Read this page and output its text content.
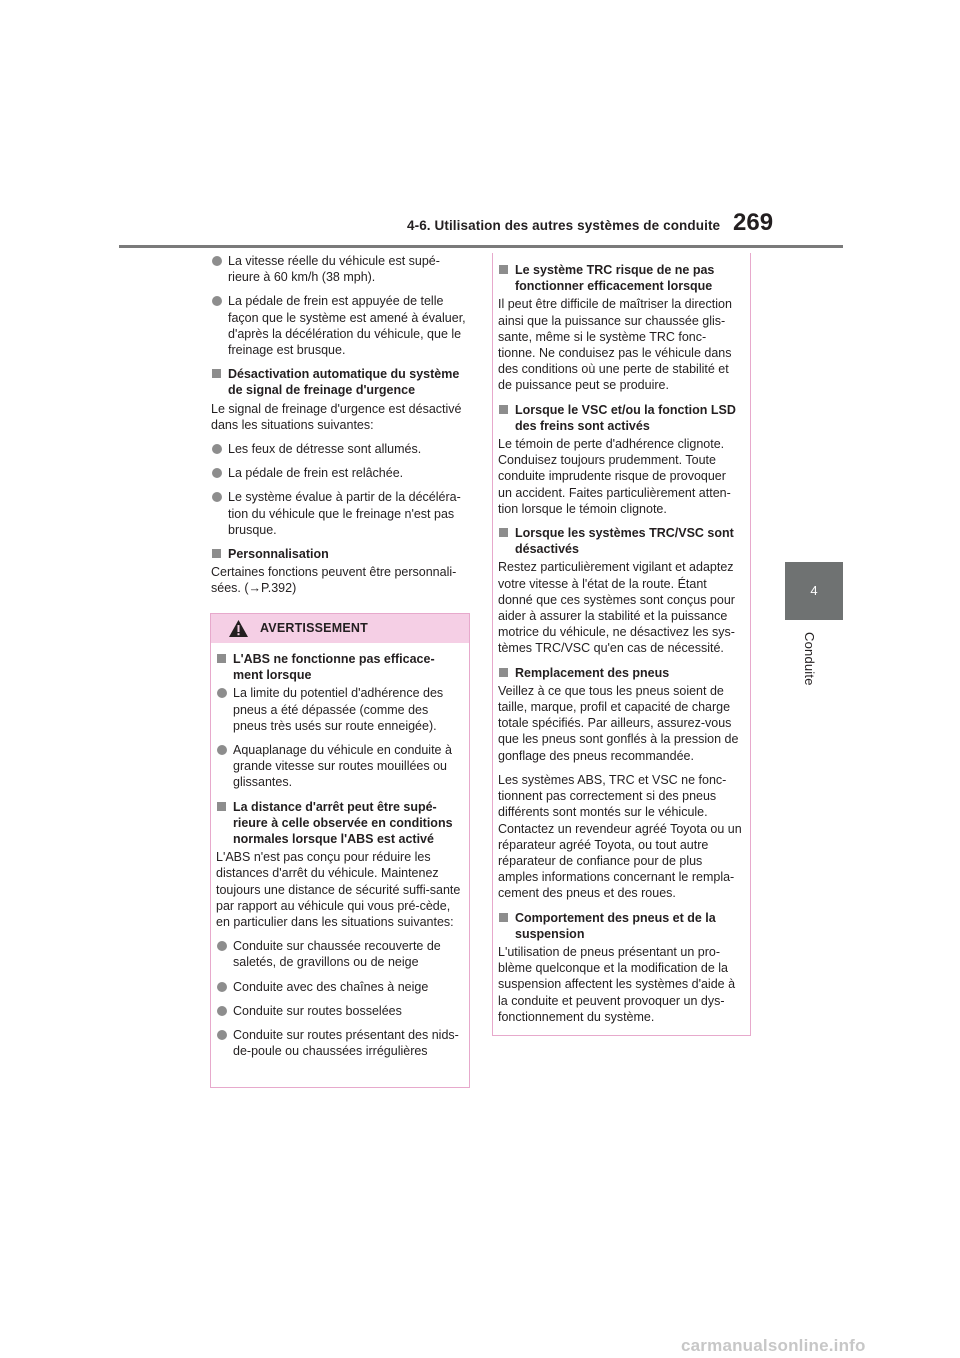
4-6. Utilisation des autres systèmes de conduite 269
4
Conduite

La vitesse réelle du véhicule est supé-rieure à 60 km/h (38 mph).

La pédale de frein est appuyée de telle façon que le système est amené à évaluer, d'après la décélération du véhicule, que le freinage est brusque.

Désactivation automatique du système de signal de freinage d'urgence

Le signal de freinage d'urgence est désactivé dans les situations suivantes:

Les feux de détresse sont allumés.

La pédale de frein est relâchée.

Le système évalue à partir de la décéléra-tion du véhicule que le freinage n'est pas brusque.

Personnalisation

Certaines fonctions peuvent être personnali-sées. (→P.392)

AVERTISSEMENT
L'ABS ne fonctionne pas efficace-ment lorsque

La limite du potentiel d'adhérence des pneus a été dépassée (comme des pneus très usés sur route enneigée).

Aquaplanage du véhicule en conduite à grande vitesse sur routes mouillées ou glissantes.

La distance d'arrêt peut être supé-rieure à celle observée en conditions normales lorsque l'ABS est activé

L'ABS n'est pas conçu pour réduire les distances d'arrêt du véhicule. Maintenez toujours une distance de sécurité suffi-sante par rapport au véhicule qui vous pré-cède, en particulier dans les situations suivantes:

Conduite sur chaussée recouverte de saletés, de gravillons ou de neige

Conduite avec des chaînes à neige

Conduite sur routes bosselées

Conduite sur routes présentant des nids-de-poule ou chaussées irrégulières

Le système TRC risque de ne pas fonctionner efficacement lorsque

Il peut être difficile de maîtriser la direction ainsi que la puissance sur chaussée glis-sante, même si le système TRC fonc-tionne. Ne conduisez pas le véhicule dans des conditions où une perte de stabilité et de puissance peut se produire.

Lorsque le VSC et/ou la fonction LSD des freins sont activés

Le témoin de perte d'adhérence clignote. Conduisez toujours prudemment. Toute conduite imprudente risque de provoquer un accident. Faites particulièrement atten-tion lorsque le témoin clignote.

Lorsque les systèmes TRC/VSC sont désactivés

Restez particulièrement vigilant et adaptez votre vitesse à l'état de la route. Étant donné que ces systèmes sont conçus pour aider à assurer la stabilité et la puissance motrice du véhicule, ne désactivez les sys-tèmes TRC/VSC qu'en cas de nécessité.

Remplacement des pneus

Veillez à ce que tous les pneus soient de taille, marque, profil et capacité de charge totale spécifiés. Par ailleurs, assurez-vous que les pneus sont gonflés à la pression de gonflage des pneus recommandée.

Les systèmes ABS, TRC et VSC ne fonc-tionnent pas correctement si des pneus différents sont montés sur le véhicule. Contactez un revendeur agréé Toyota ou un réparateur agréé Toyota, ou tout autre réparateur de confiance pour de plus amples informations concernant le rempla-cement des pneus et des roues.

Comportement des pneus et de la suspension

L'utilisation de pneus présentant un pro-blème quelconque et la modification de la suspension affectent les systèmes d'aide à la conduite et peuvent provoquer un dys-fonctionnement du système.

carmanualsonline.info
